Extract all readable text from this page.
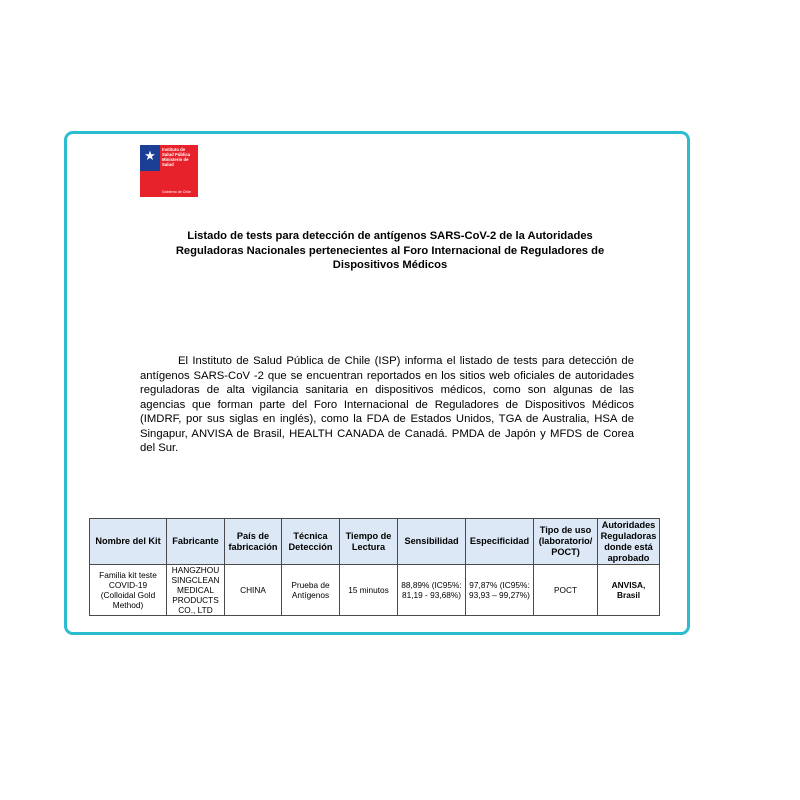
★ Instituto de
Salud Pública
Ministerio de Salud
Gobierno de Chile
Listado de tests para detección de antígenos SARS-CoV-2 de la Autoridades
Reguladoras Nacionales pertenecientes al Foro Internacional de Reguladores de
Dispositivos Médicos
El Instituto de Salud Pública de Chile (ISP) informa el listado de tests para detección de
antígenos SARS-CoV -2 que se encuentran reportados en los sitios web oficiales de autoridades
reguladoras de alta vigilancia sanitaria en dispositivos médicos, como son algunas de las
agencias que forman parte del Foro Internacional de Reguladores de Dispositivos Médicos
(IMDRF, por sus siglas en inglés), como la FDA de Estados Unidos, TGA de Australia, HSA de
Singapur, ANVISA de Brasil, HEALTH CANADA de Canadá. PMDA de Japón y MFDS de Corea
del Sur.
Nombre del Kit	Fabricante	País de fabricación	Técnica Detección	Tiempo de Lectura	Sensibilidad	Especificidad	Tipo de uso (laboratorio/ POCT)	Autoridades Reguladoras donde está aprobado
Familia kit teste COVID-19 (Colloidal Gold Method)	HANGZHOU SINGCLEAN MEDICAL PRODUCTS CO., LTD	CHINA	Prueba de Antígenos	15 minutos	88,89% (IC95%: 81,19 - 93,68%)	97,87% (IC95%: 93,93 – 99,27%)	POCT	ANVISA, Brasil
